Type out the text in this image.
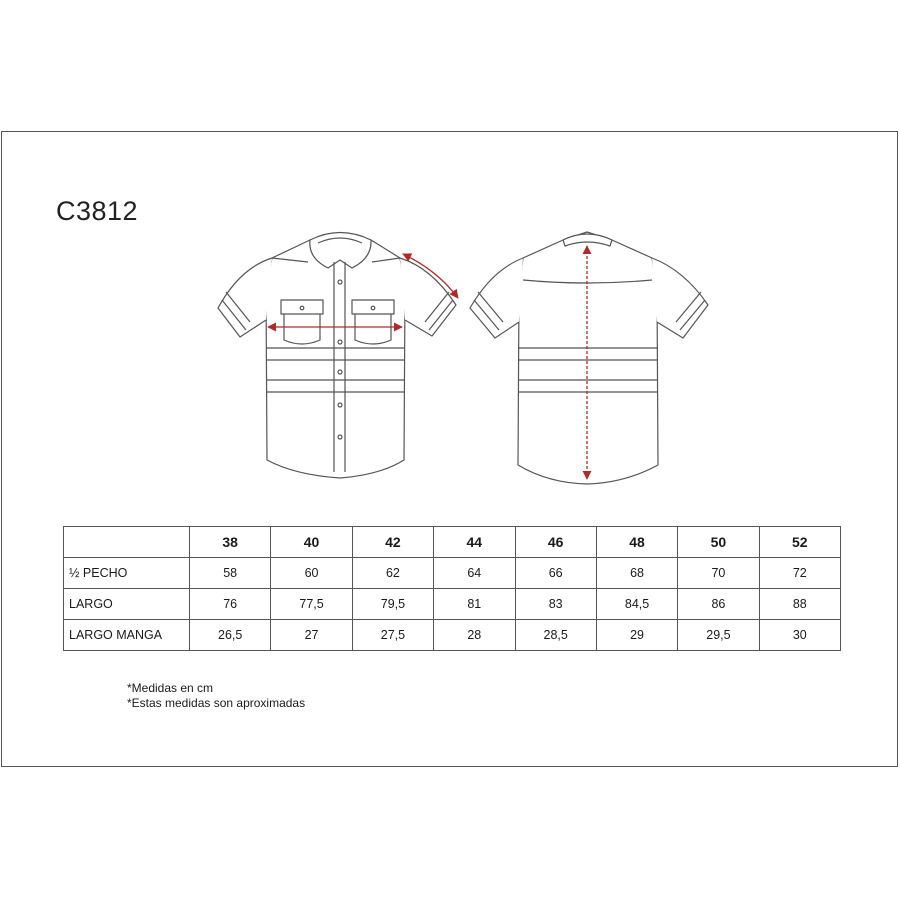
C3812
	38	40	42	44	46	48	50	52
½ PECHO	58	60	62	64	66	68	70	72
LARGO	76	77,5	79,5	81	83	84,5	86	88
LARGO MANGA	26,5	27	27,5	28	28,5	29	29,5	30
*Medidas en cm
*Estas medidas son aproximadas
